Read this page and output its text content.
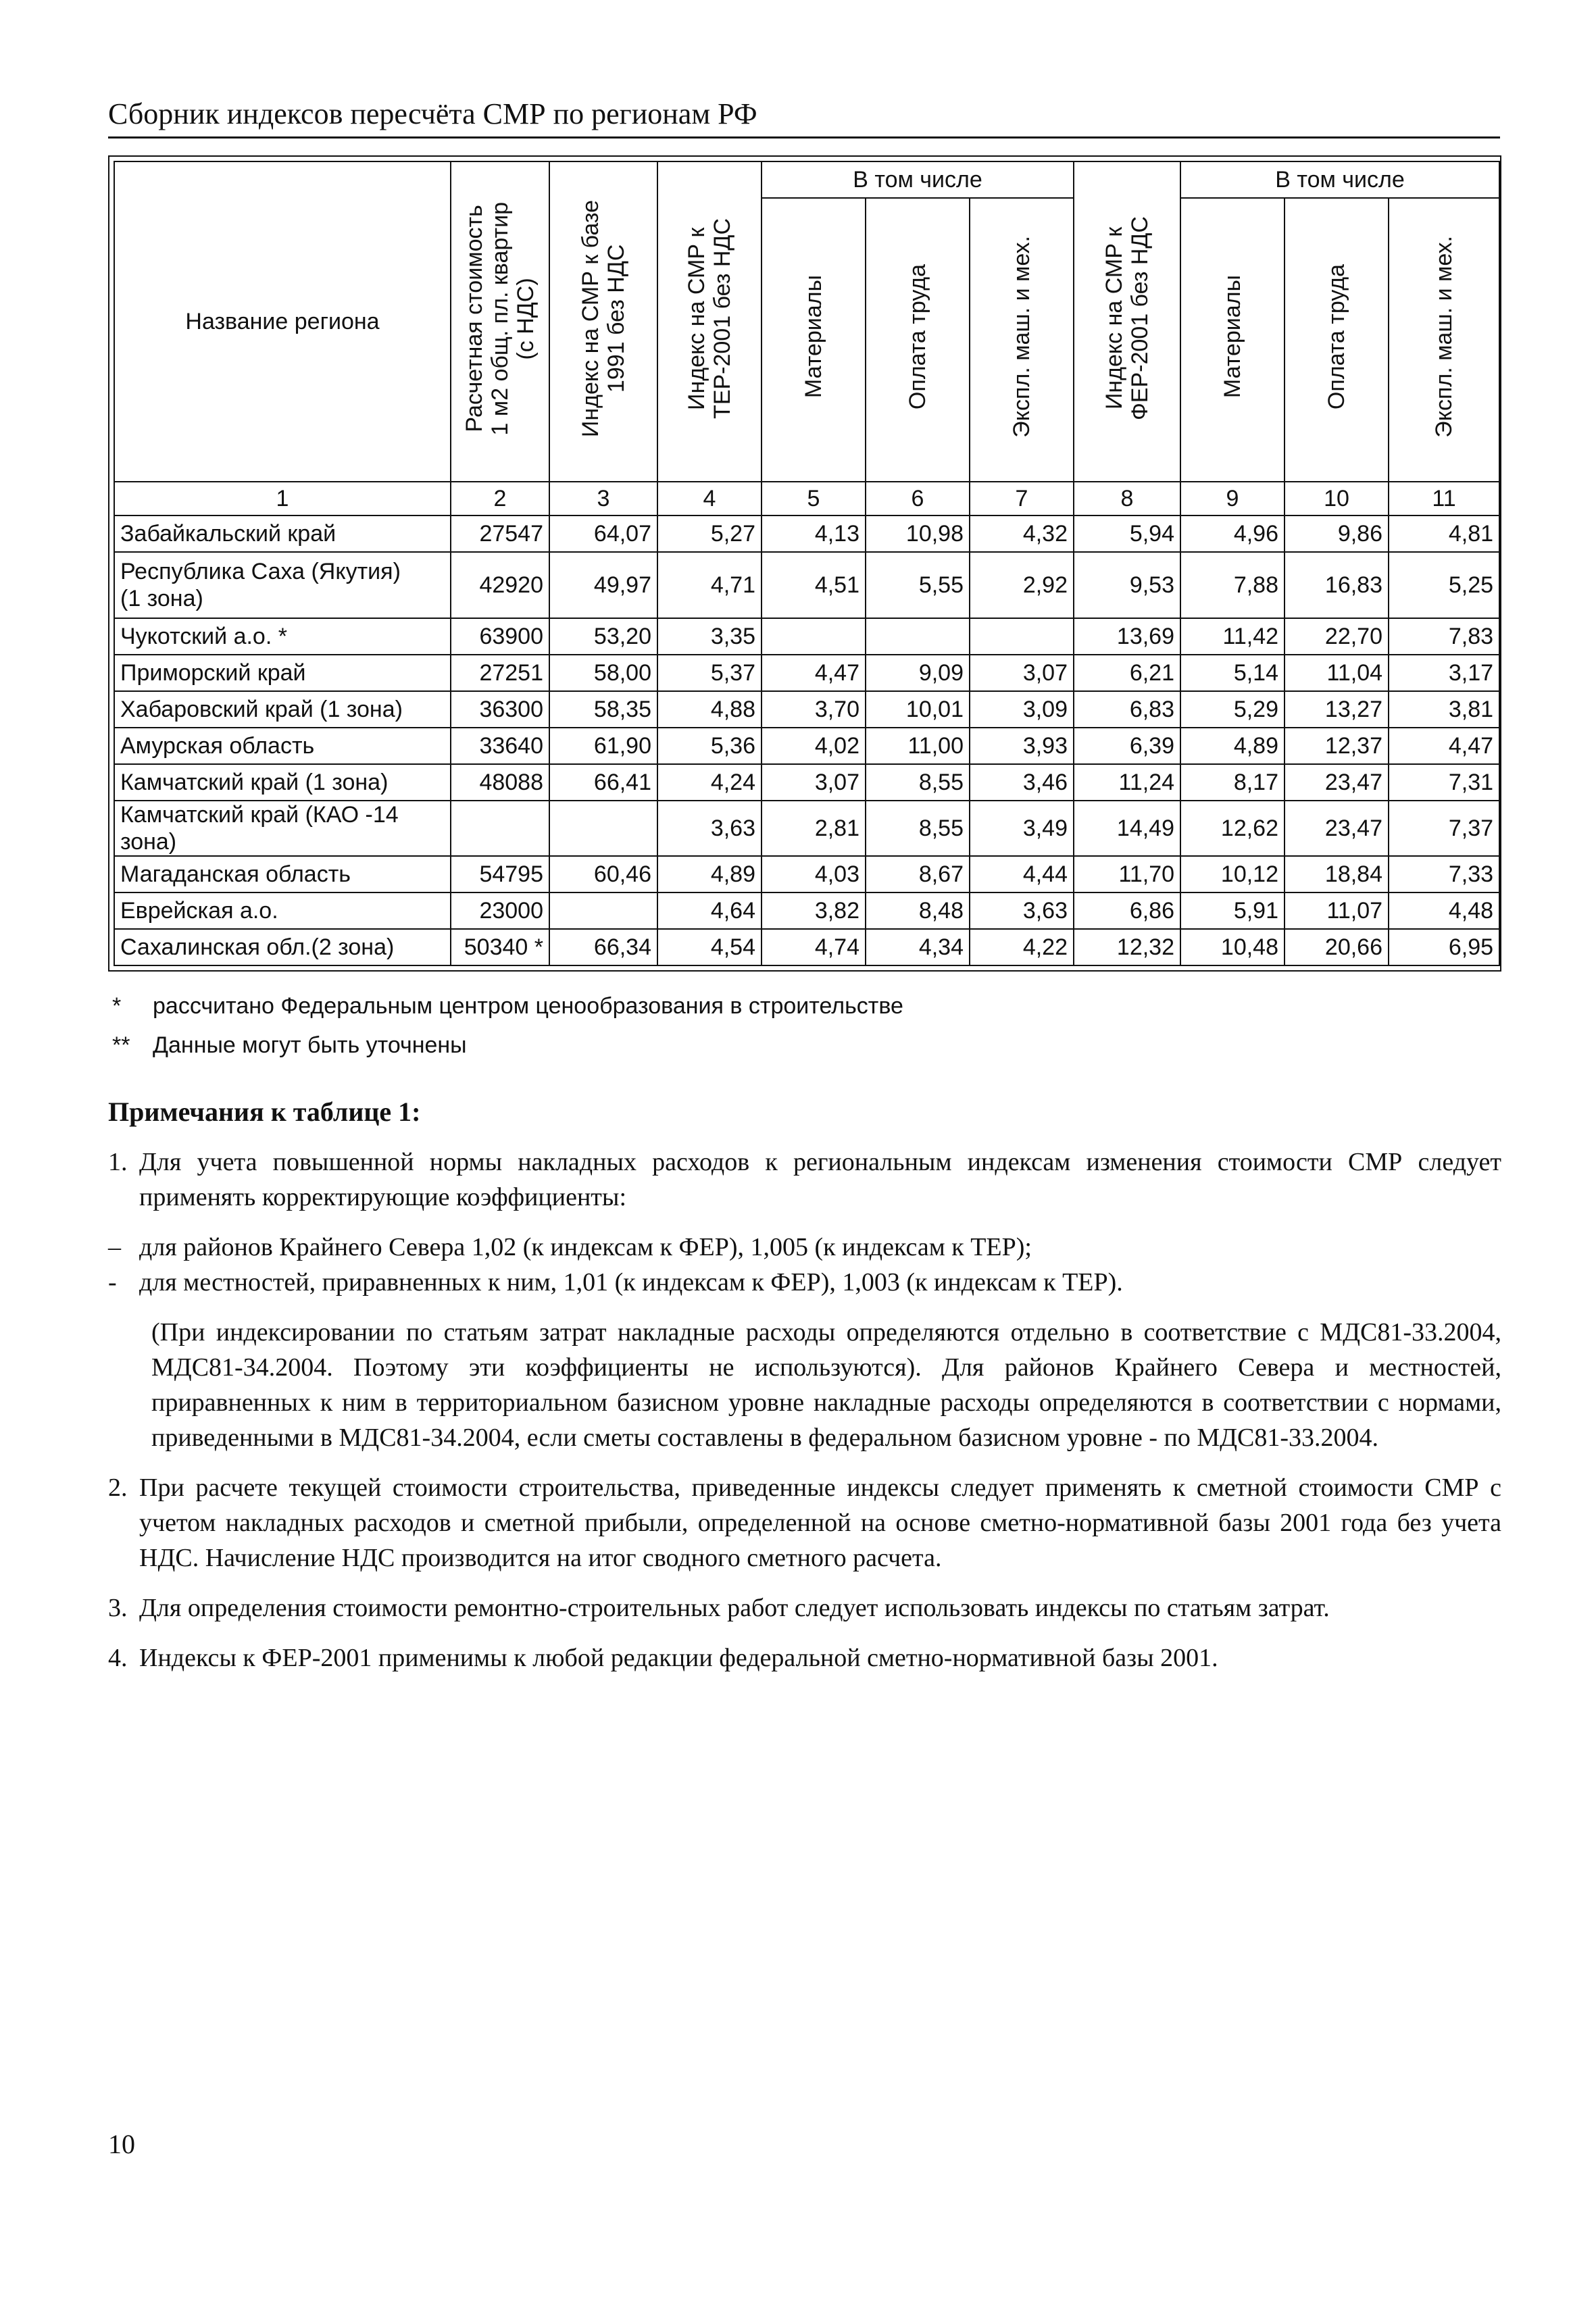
Сборник индексов пересчёта СМР по регионам РФ
Название региона	Расчетная стоимость
1 м2 общ. пл. квартир
(с НДС)	Индекс на СМР к базе
1991 без НДС	Индекс на СМР к
ТЕР-2001 без НДС	В том числе			Индекс на СМР к
ФЕР-2001 без НДС	В том числе		
				Материалы	Оплата труда	Экспл. маш. и мех.		Материалы	Оплата труда	Экспл. маш. и мех.
1	2	3	4	5	6	7	8	9	10	11
Забайкальский край	27547	64,07	5,27	4,13	10,98	4,32	5,94	4,96	9,86	4,81
Республика Саха (Якутия)
(1 зона)	42920	49,97	4,71	4,51	5,55	2,92	9,53	7,88	16,83	5,25
Чукотский а.о. *	63900	53,20	3,35				13,69	11,42	22,70	7,83
Приморский край	27251	58,00	5,37	4,47	9,09	3,07	6,21	5,14	11,04	3,17
Хабаровский край (1 зона)	36300	58,35	4,88	3,70	10,01	3,09	6,83	5,29	13,27	3,81
Амурская область	33640	61,90	5,36	4,02	11,00	3,93	6,39	4,89	12,37	4,47
Камчатский край (1 зона)	48088	66,41	4,24	3,07	8,55	3,46	11,24	8,17	23,47	7,31
Камчатский край (КАО -14 зона)			3,63	2,81	8,55	3,49	14,49	12,62	23,47	7,37
Магаданская область	54795	60,46	4,89	4,03	8,67	4,44	11,70	10,12	18,84	7,33
Еврейская а.о.	23000		4,64	3,82	8,48	3,63	6,86	5,91	11,07	4,48
Сахалинская обл.(2 зона)	50340 *	66,34	4,54	4,74	4,34	4,22	12,32	10,48	20,66	6,95
*	рассчитано Федеральным центром ценообразования в строительстве
** Данные могут быть уточнены
Примечания к таблице 1:
1. Для учета повышенной нормы накладных расходов к региональным индексам изменения стоимости СМР следует применять корректирующие коэффициенты:
– для районов Крайнего Севера 1,02 (к индексам к ФЕР), 1,005 (к индексам к ТЕР);
- для местностей, приравненных к ним, 1,01 (к индексам к ФЕР), 1,003 (к индексам к ТЕР).
(При индексировании по статьям затрат накладные расходы определяются отдельно в соответствие с МДС81-33.2004, МДС81-34.2004. Поэтому эти коэффициенты не используются). Для районов Крайнего Севера и местностей, приравненных к ним в территориальном базисном уровне накладные расходы определяются в соответствии с нормами, приведенными в МДС81-34.2004, если сметы составлены в федеральном базисном уровне - по МДС81-33.2004.
2. При расчете текущей стоимости строительства, приведенные индексы следует применять к сметной стоимости СМР с учетом накладных расходов и сметной прибыли, определенной на основе сметно-нормативной базы 2001 года без учета НДС. Начисление НДС производится на итог сводного сметного расчета.
3. Для определения стоимости ремонтно-строительных работ следует использовать индексы по статьям затрат.
4. Индексы к ФЕР-2001 применимы к любой редакции федеральной сметно-нормативной базы 2001.
10
